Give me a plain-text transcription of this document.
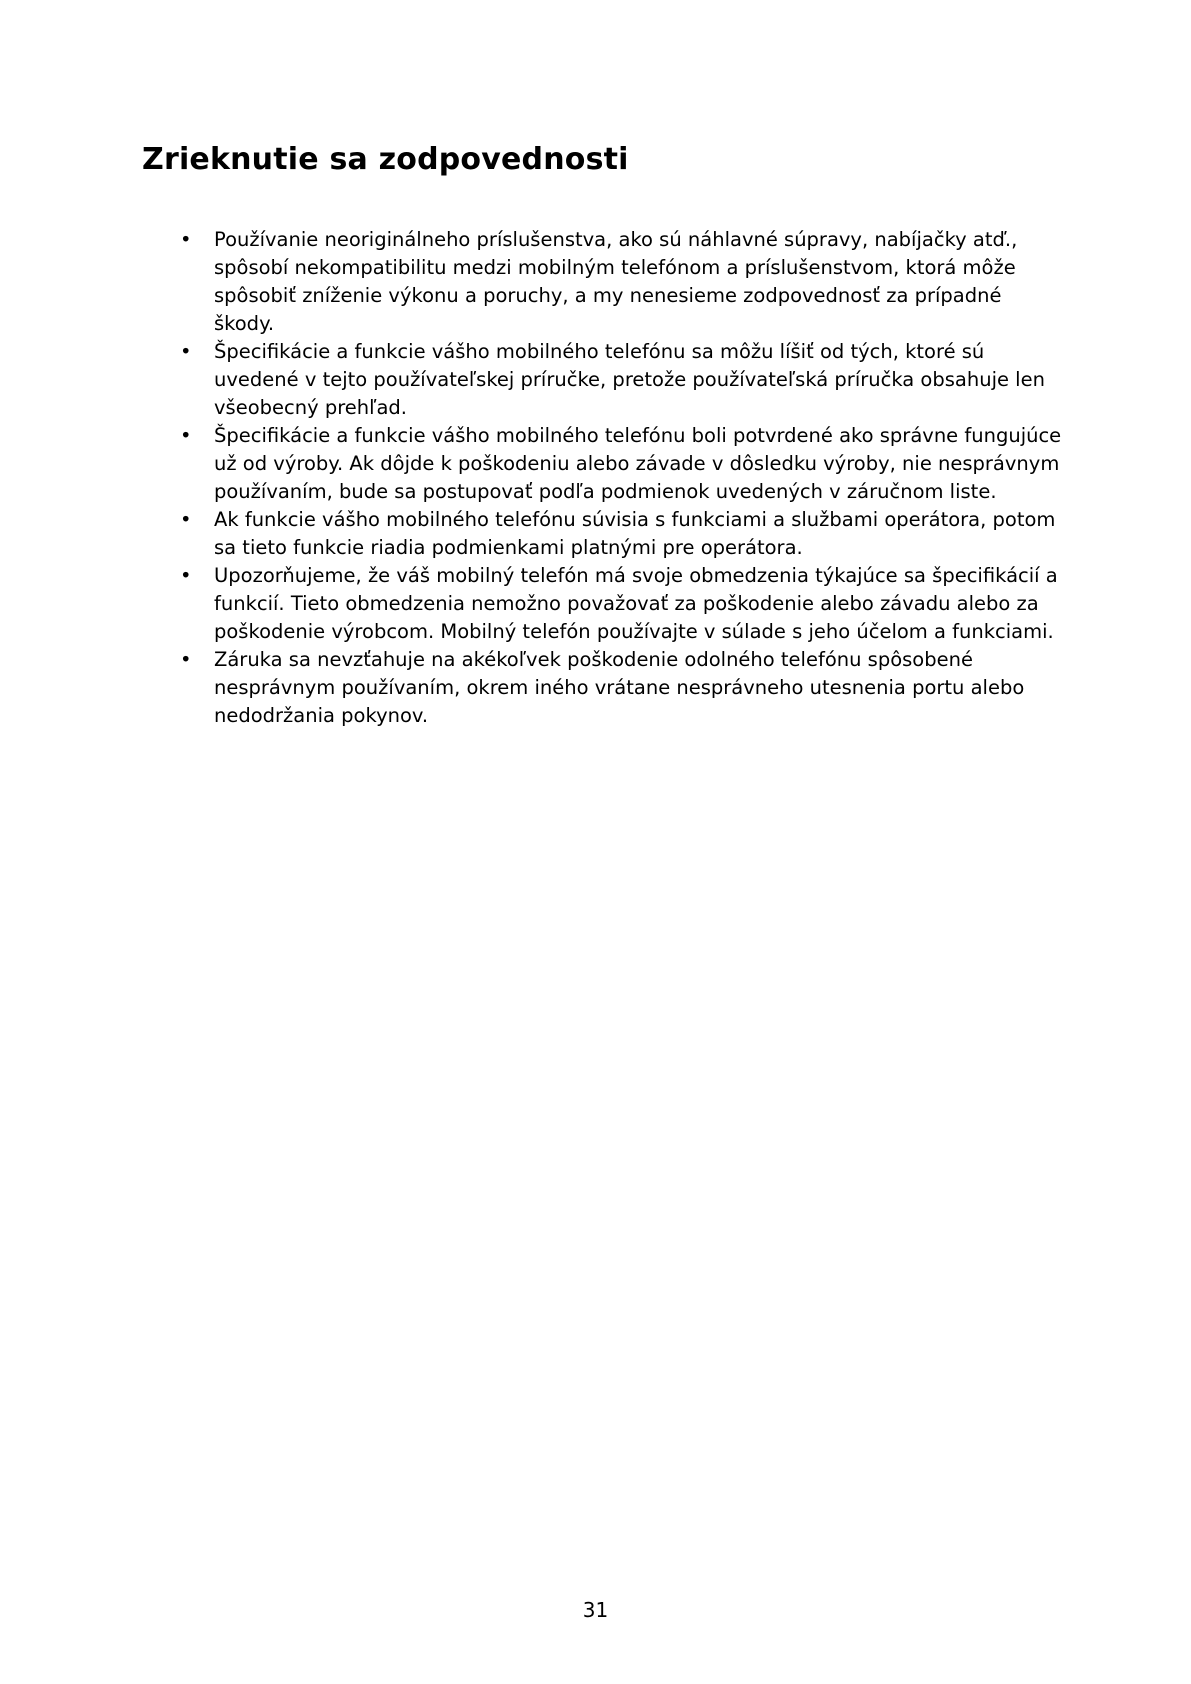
Zrieknutie sa zodpovednosti
• Používanie neoriginálneho príslušenstva, ako sú náhlavné súpravy, nabíjačky atď., spôsobí nekompatibilitu medzi mobilným telefónom a príslušenstvom, ktorá môže spôsobiť zníženie výkonu a poruchy, a my nenesieme zodpovednosť za prípadné škody.
• Špecifikácie a funkcie vášho mobilného telefónu sa môžu líšiť od tých, ktoré sú uvedené v tejto používateľskej príručke, pretože používateľská príručka obsahuje len všeobecný prehľad.
• Špecifikácie a funkcie vášho mobilného telefónu boli potvrdené ako správne fungujúce už od výroby. Ak dôjde k poškodeniu alebo závade v dôsledku výroby, nie nesprávnym používaním, bude sa postupovať podľa podmienok uvedených v záručnom liste.
• Ak funkcie vášho mobilného telefónu súvisia s funkciami a službami operátora, potom sa tieto funkcie riadia podmienkami platnými pre operátora.
• Upozorňujeme, že váš mobilný telefón má svoje obmedzenia týkajúce sa špecifikácií a funkcií. Tieto obmedzenia nemožno považovať za poškodenie alebo závadu alebo za poškodenie výrobcom. Mobilný telefón používajte v súlade s jeho účelom a funkciami.
• Záruka sa nevzťahuje na akékoľvek poškodenie odolného telefónu spôsobené nesprávnym používaním, okrem iného vrátane nesprávneho utesnenia portu alebo nedodržania pokynov.
31
